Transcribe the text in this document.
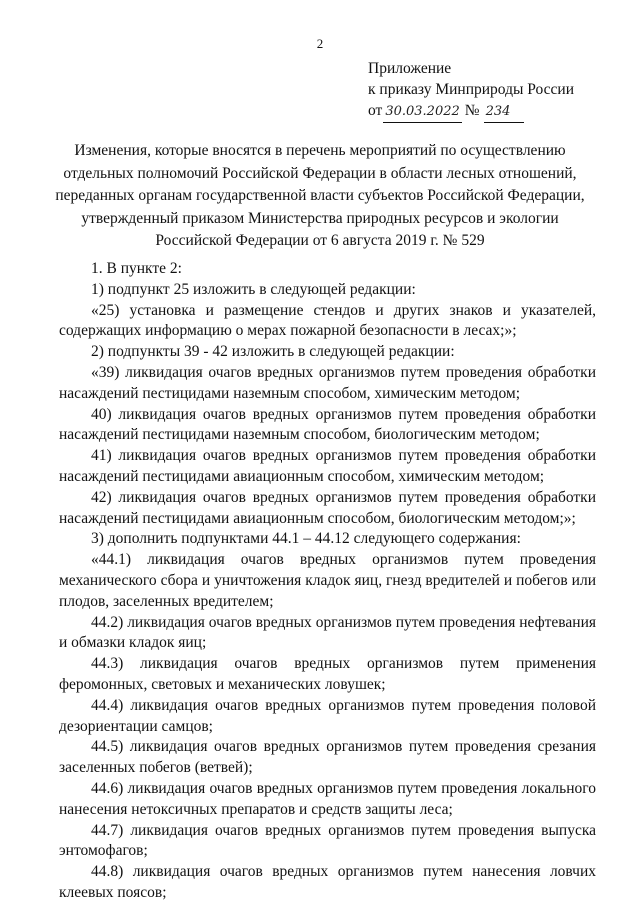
2
Приложение
к приказу Минприроды России
от 30.03.2022 № 234
Изменения, которые вносятся в перечень мероприятий по осуществлению
отдельных полномочий Российской Федерации в области лесных отношений,
переданных органам государственной власти субъектов Российской Федерации,
утвержденный приказом Министерства природных ресурсов и экологии
Российской Федерации от 6 августа 2019 г. № 529

1. В пункте 2:

1) подпункт 25 изложить в следующей редакции:

«25) установка и размещение стендов и других знаков и указателей, содержащих информацию о мерах пожарной безопасности в лесах;»;

2) подпункты 39 - 42 изложить в следующей редакции:

«39) ликвидация очагов вредных организмов путем проведения обработки насаждений пестицидами наземным способом, химическим методом;

40) ликвидация очагов вредных организмов путем проведения обработки насаждений пестицидами наземным способом, биологическим методом;

41) ликвидация очагов вредных организмов путем проведения обработки насаждений пестицидами авиационным способом, химическим методом;

42) ликвидация очагов вредных организмов путем проведения обработки насаждений пестицидами авиационным способом, биологическим методом;»;

3) дополнить подпунктами 44.1 – 44.12 следующего содержания:

«44.1) ликвидация очагов вредных организмов путем проведения механического сбора и уничтожения кладок яиц, гнезд вредителей и побегов или плодов, заселенных вредителем;

44.2) ликвидация очагов вредных организмов путем проведения нефтевания и обмазки кладок яиц;

44.3) ликвидация очагов вредных организмов путем применения феромонных, световых и механических ловушек;

44.4) ликвидация очагов вредных организмов путем проведения половой дезориентации самцов;

44.5) ликвидация очагов вредных организмов путем проведения срезания заселенных побегов (ветвей);

44.6) ликвидация очагов вредных организмов путем проведения локального нанесения нетоксичных препаратов и средств защиты леса;

44.7) ликвидация очагов вредных организмов путем проведения выпуска энтомофагов;

44.8) ликвидация очагов вредных организмов путем нанесения ловчих клеевых поясов;
